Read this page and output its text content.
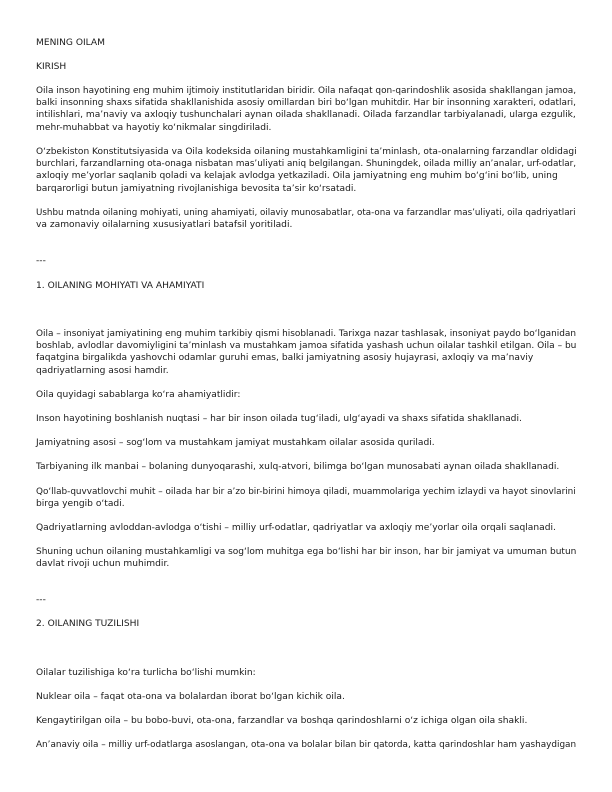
MENING OILAM

KIRISH

Oila inson hayotining eng muhim ijtimoiy institutlaridan biridir. Oila nafaqat qon-qarindoshlik asosida shakllangan jamoa,
balki insonning shaxs sifatida shakllanishida asosiy omillardan biri bo‘lgan muhitdir. Har bir insonning xarakteri, odatlari,
intilishlari, ma’naviy va axloqiy tushunchalari aynan oilada shakllanadi. Oilada farzandlar tarbiyalanadi, ularga ezgulik,
mehr-muhabbat va hayotiy ko‘nikmalar singdiriladi.
O‘zbekiston Konstitutsiyasida va Oila kodeksida oilaning mustahkamligini ta’minlash, ota-onalarning farzandlar oldidagi
burchlari, farzandlarning ota-onaga nisbatan mas’uliyati aniq belgilangan. Shuningdek, oilada milliy an’analar, urf-odatlar,
axloqiy me’yorlar saqlanib qoladi va kelajak avlodga yetkaziladi. Oila jamiyatning eng muhim bo‘g‘ini bo‘lib, uning
barqarorligi butun jamiyatning rivojlanishiga bevosita ta’sir ko‘rsatadi.
Ushbu matnda oilaning mohiyati, uning ahamiyati, oilaviy munosabatlar, ota-ona va farzandlar mas’uliyati, oila qadriyatlari
va zamonaviy oilalarning xususiyatlari batafsil yoritiladi.

---

1. OILANING MOHIYATI VA AHAMIYATI

Oila – insoniyat jamiyatining eng muhim tarkibiy qismi hisoblanadi. Tarixga nazar tashlasak, insoniyat paydo bo‘lganidan
boshlab, avlodlar davomiyligini ta’minlash va mustahkam jamoa sifatida yashash uchun oilalar tashkil etilgan. Oila – bu
faqatgina birgalikda yashovchi odamlar guruhi emas, balki jamiyatning asosiy hujayrasi, axloqiy va ma’naviy
qadriyatlarning asosi hamdir.

Oila quyidagi sabablarga ko‘ra ahamiyatlidir:

Inson hayotining boshlanish nuqtasi – har bir inson oilada tug‘iladi, ulg‘ayadi va shaxs sifatida shakllanadi.

Jamiyatning asosi – sog‘lom va mustahkam jamiyat mustahkam oilalar asosida quriladi.

Tarbiyaning ilk manbai – bolaning dunyoqarashi, xulq-atvori, bilimga bo‘lgan munosabati aynan oilada shakllanadi.

Qo‘llab-quvvatlovchi muhit – oilada har bir a’zo bir-birini himoya qiladi, muammolariga yechim izlaydi va hayot sinovlarini
birga yengib o‘tadi.

Qadriyatlarning avloddan-avlodga o‘tishi – milliy urf-odatlar, qadriyatlar va axloqiy me’yorlar oila orqali saqlanadi.

Shuning uchun oilaning mustahkamligi va sog‘lom muhitga ega bo‘lishi har bir inson, har bir jamiyat va umuman butun
davlat rivoji uchun muhimdir.

---

2. OILANING TUZILISHI

Oilalar tuzilishiga ko‘ra turlicha bo‘lishi mumkin:

Nuklear oila – faqat ota-ona va bolalardan iborat bo‘lgan kichik oila.

Kengaytirilgan oila – bu bobo-buvi, ota-ona, farzandlar va boshqa qarindoshlarni o‘z ichiga olgan oila shakli.

An’anaviy oila – milliy urf-odatlarga asoslangan, ota-ona va bolalar bilan bir qatorda, katta qarindoshlar ham yashaydigan
